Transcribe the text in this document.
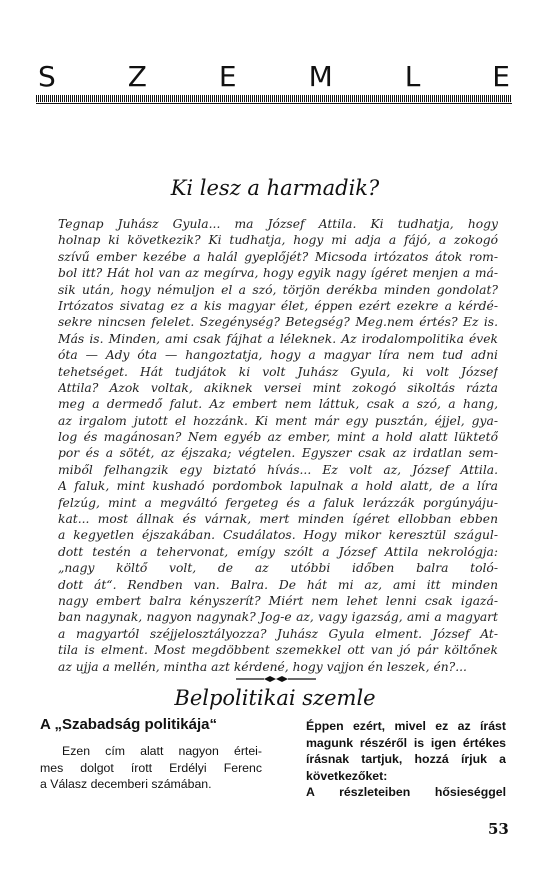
S	Z	E	M	L	E
Ki lesz a harmadik?
Tegnap Juhász Gyula... ma József Attila. Ki tudhatja, hogy
holnap ki következik? Ki tudhatja, hogy mi adja a fájó, a zokogó
szívű ember kezébe a halál gyeplőjét? Micsoda irtózatos átok rom-
bol itt? Hát hol van az megírva, hogy egyik nagy ígéret menjen a má-
sik után, hogy némuljon el a szó, törjön derékba minden gondolat?
Irtózatos sivatag ez a kis magyar élet, éppen ezért ezekre a kérdé-
sekre nincsen felelet. Szegénység? Betegség? Meg.nem értés? Ez is.
Más is. Minden, ami csak fájhat a léleknek. Az irodalompolitika évek
óta — Ady óta — hangoztatja, hogy a magyar líra nem tud adni
tehetséget. Hát tudjátok ki volt Juhász Gyula, ki volt József
Attila? Azok voltak, akiknek versei mint zokogó sikoltás rázta
meg a dermedő falut. Az embert nem láttuk, csak a szó, a hang,
az irgalom jutott el hozzánk. Ki ment már egy pusztán, éjjel, gya-
log és magánosan? Nem egyéb az ember, mint a hold alatt lüktető
por és a sötét, az éjszaka; végtelen. Egyszer csak az irdatlan sem-
miből felhangzik egy biztató hívás... Ez volt az, József Attila.
A faluk, mint kushadó pordombok lapulnak a hold alatt, de a líra
felzúg, mint a megváltó fergeteg és a faluk lerázzák porgúnyáju-
kat... most állnak és várnak, mert minden ígéret ellobban ebben
a kegyetlen éjszakában. Csudálatos. Hogy mikor keresztül szágul-
dott testén a tehervonat, emígy szólt a József Attila nekrológja:
„nagy költő volt, de az utóbbi időben balra toló-
dott át“. Rendben van. Balra. De hát mi az, ami itt minden
nagy embert balra kényszerít? Miért nem lehet lenni csak igazá-
ban nagynak, nagyon nagynak? Jog-e az, vagy igazság, ami a magyart
a magyartól széjjelosztályozza? Juhász Gyula elment. József At-
tila is elment. Most megdöbbent szemekkel ott van jó pár költőnek
az ujja a mellén, mintha azt kérdené, hogy vajjon én leszek, én?...
Belpolitikai szemle
A „Szabadság politikája“
Ezen cím alatt nagyon értei-
mes dolgot írott Erdélyi Ferenc
a Válasz decemberi számában.
Éppen ezért, mivel ez az írást
magunk részéről is igen értékes
írásnak tartjuk, hozzá írjuk a
következőket:
A részleteiben hősieséggel
53
